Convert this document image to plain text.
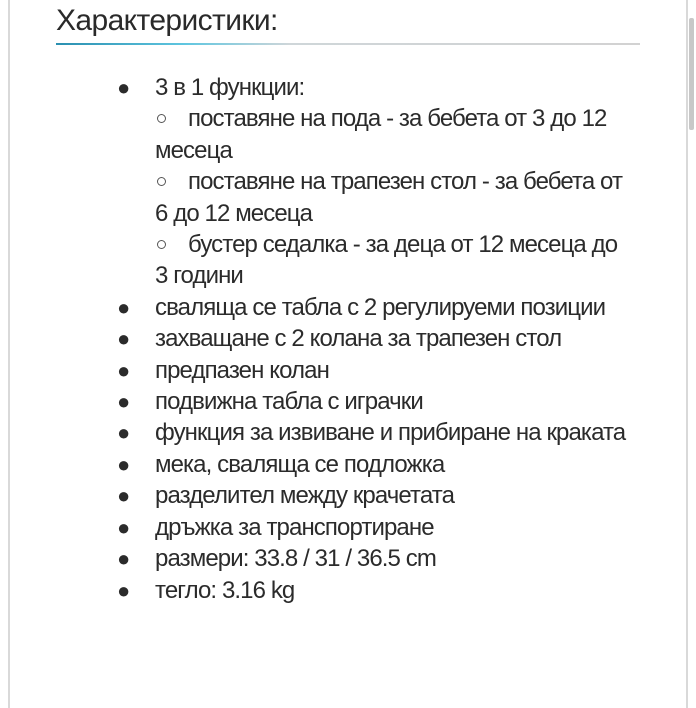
Характеристики:
● 3 в 1 функции:
поставяне на пода - за бебета от 3 до 12 месеца
поставяне на трапезен стол - за бебета от 6 до 12 месеца
бустер седалка - за деца от 12 месеца до 3 години
● сваляща се табла с 2 регулируеми позиции
● захващане с 2 колана за трапезен стол
● предпазен колан
● подвижна табла с играчки
● функция за извиване и прибиране на краката
● мека, сваляща се подложка
● разделител между крачетата
● дръжка за транспортиране
● размери: 33.8 / 31 / 36.5 cm
● тегло: 3.16 kg
